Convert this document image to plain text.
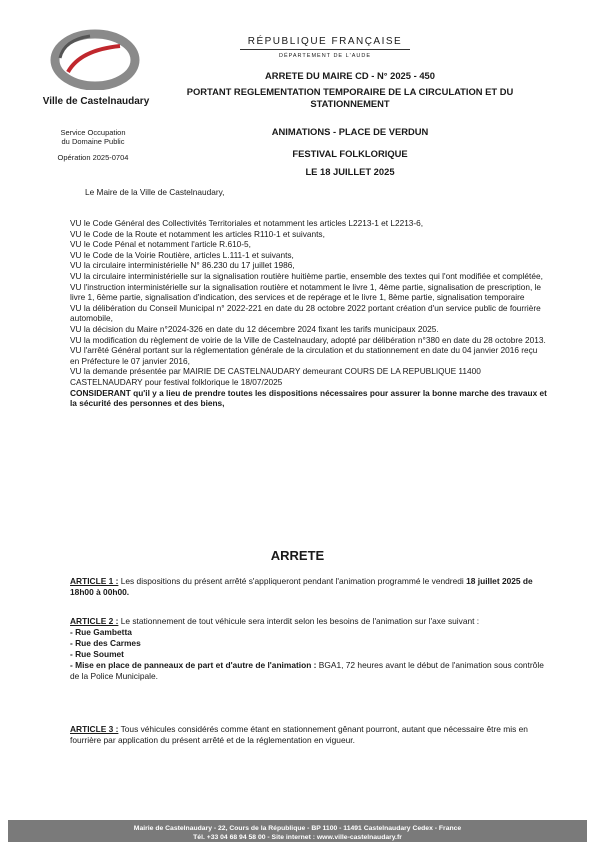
Ville de Castelnaudary
Service Occupation
du Domaine Public
Opération 2025-0704
RÉPUBLIQUE FRANÇAISE
DÉPARTEMENT DE L'AUDE
ARRETE DU MAIRE CD - N° 2025 - 450
PORTANT REGLEMENTATION TEMPORAIRE DE LA CIRCULATION ET DU
STATIONNEMENT
ANIMATIONS - PLACE DE VERDUN
FESTIVAL FOLKLORIQUE
LE 18 JUILLET 2025
Le Maire de la Ville de Castelnaudary,
VU le Code Général des Collectivités Territoriales et notamment les articles L2213-1 et L2213-6,
VU le Code de la Route et notamment les articles R110-1 et suivants,
VU le Code Pénal et notamment l'article R.610-5,
VU le Code de la Voirie Routière, articles L.111-1 et suivants,
VU la circulaire interministérielle N° 86.230 du 17 juillet 1986,
VU la circulaire interministérielle sur la signalisation routière huitième partie, ensemble des textes qui l'ont modifiée et complétée,
VU l'instruction interministérielle sur la signalisation routière et notamment le livre 1, 4ème partie, signalisation de prescription, le livre 1, 6ème partie, signalisation d'indication, des services et de repérage et le livre 1, 8ème partie, signalisation temporaire
VU la délibération du Conseil Municipal n° 2022-221 en date du 28 octobre 2022 portant création d'un service public de fourrière automobile,
VU la décision du Maire n°2024-326 en date du 12 décembre 2024 fixant les tarifs municipaux 2025.
VU la modification du règlement de voirie de la Ville de Castelnaudary, adopté par délibération n°380 en date du 28 octobre 2013.
VU l'arrêté Général portant sur la réglementation générale de la circulation et du stationnement en date du 04 janvier 2016 reçu en Préfecture le 07 janvier 2016,
VU la demande présentée par MAIRIE DE CASTELNAUDARY demeurant COURS DE LA REPUBLIQUE 11400 CASTELNAUDARY pour festival folklorique le 18/07/2025
CONSIDERANT qu'il y a lieu de prendre toutes les dispositions nécessaires pour assurer la bonne marche des travaux et la sécurité des personnes et des biens,
ARRETE
ARTICLE 1 : Les dispositions du présent arrêté s'appliqueront pendant l'animation programmé le vendredi 18 juillet 2025 de 18h00 à 00h00.
ARTICLE 2 : Le stationnement de tout véhicule sera interdit selon les besoins de l'animation sur l'axe suivant :
- Rue Gambetta
- Rue des Carmes
- Rue Soumet
- Mise en place de panneaux de part et d'autre de l'animation : BGA1, 72 heures avant le début de l'animation sous contrôle de la Police Municipale.
ARTICLE 3 : Tous véhicules considérés comme étant en stationnement gênant pourront, autant que nécessaire être mis en fourrière par application du présent arrêté et de la réglementation en vigueur.
Mairie de Castelnaudary - 22, Cours de la République - BP 1100 - 11491 Castelnaudary Cedex - France
Tél. +33 04 68 94 58 00 - Site internet : www.ville-castelnaudary.fr
